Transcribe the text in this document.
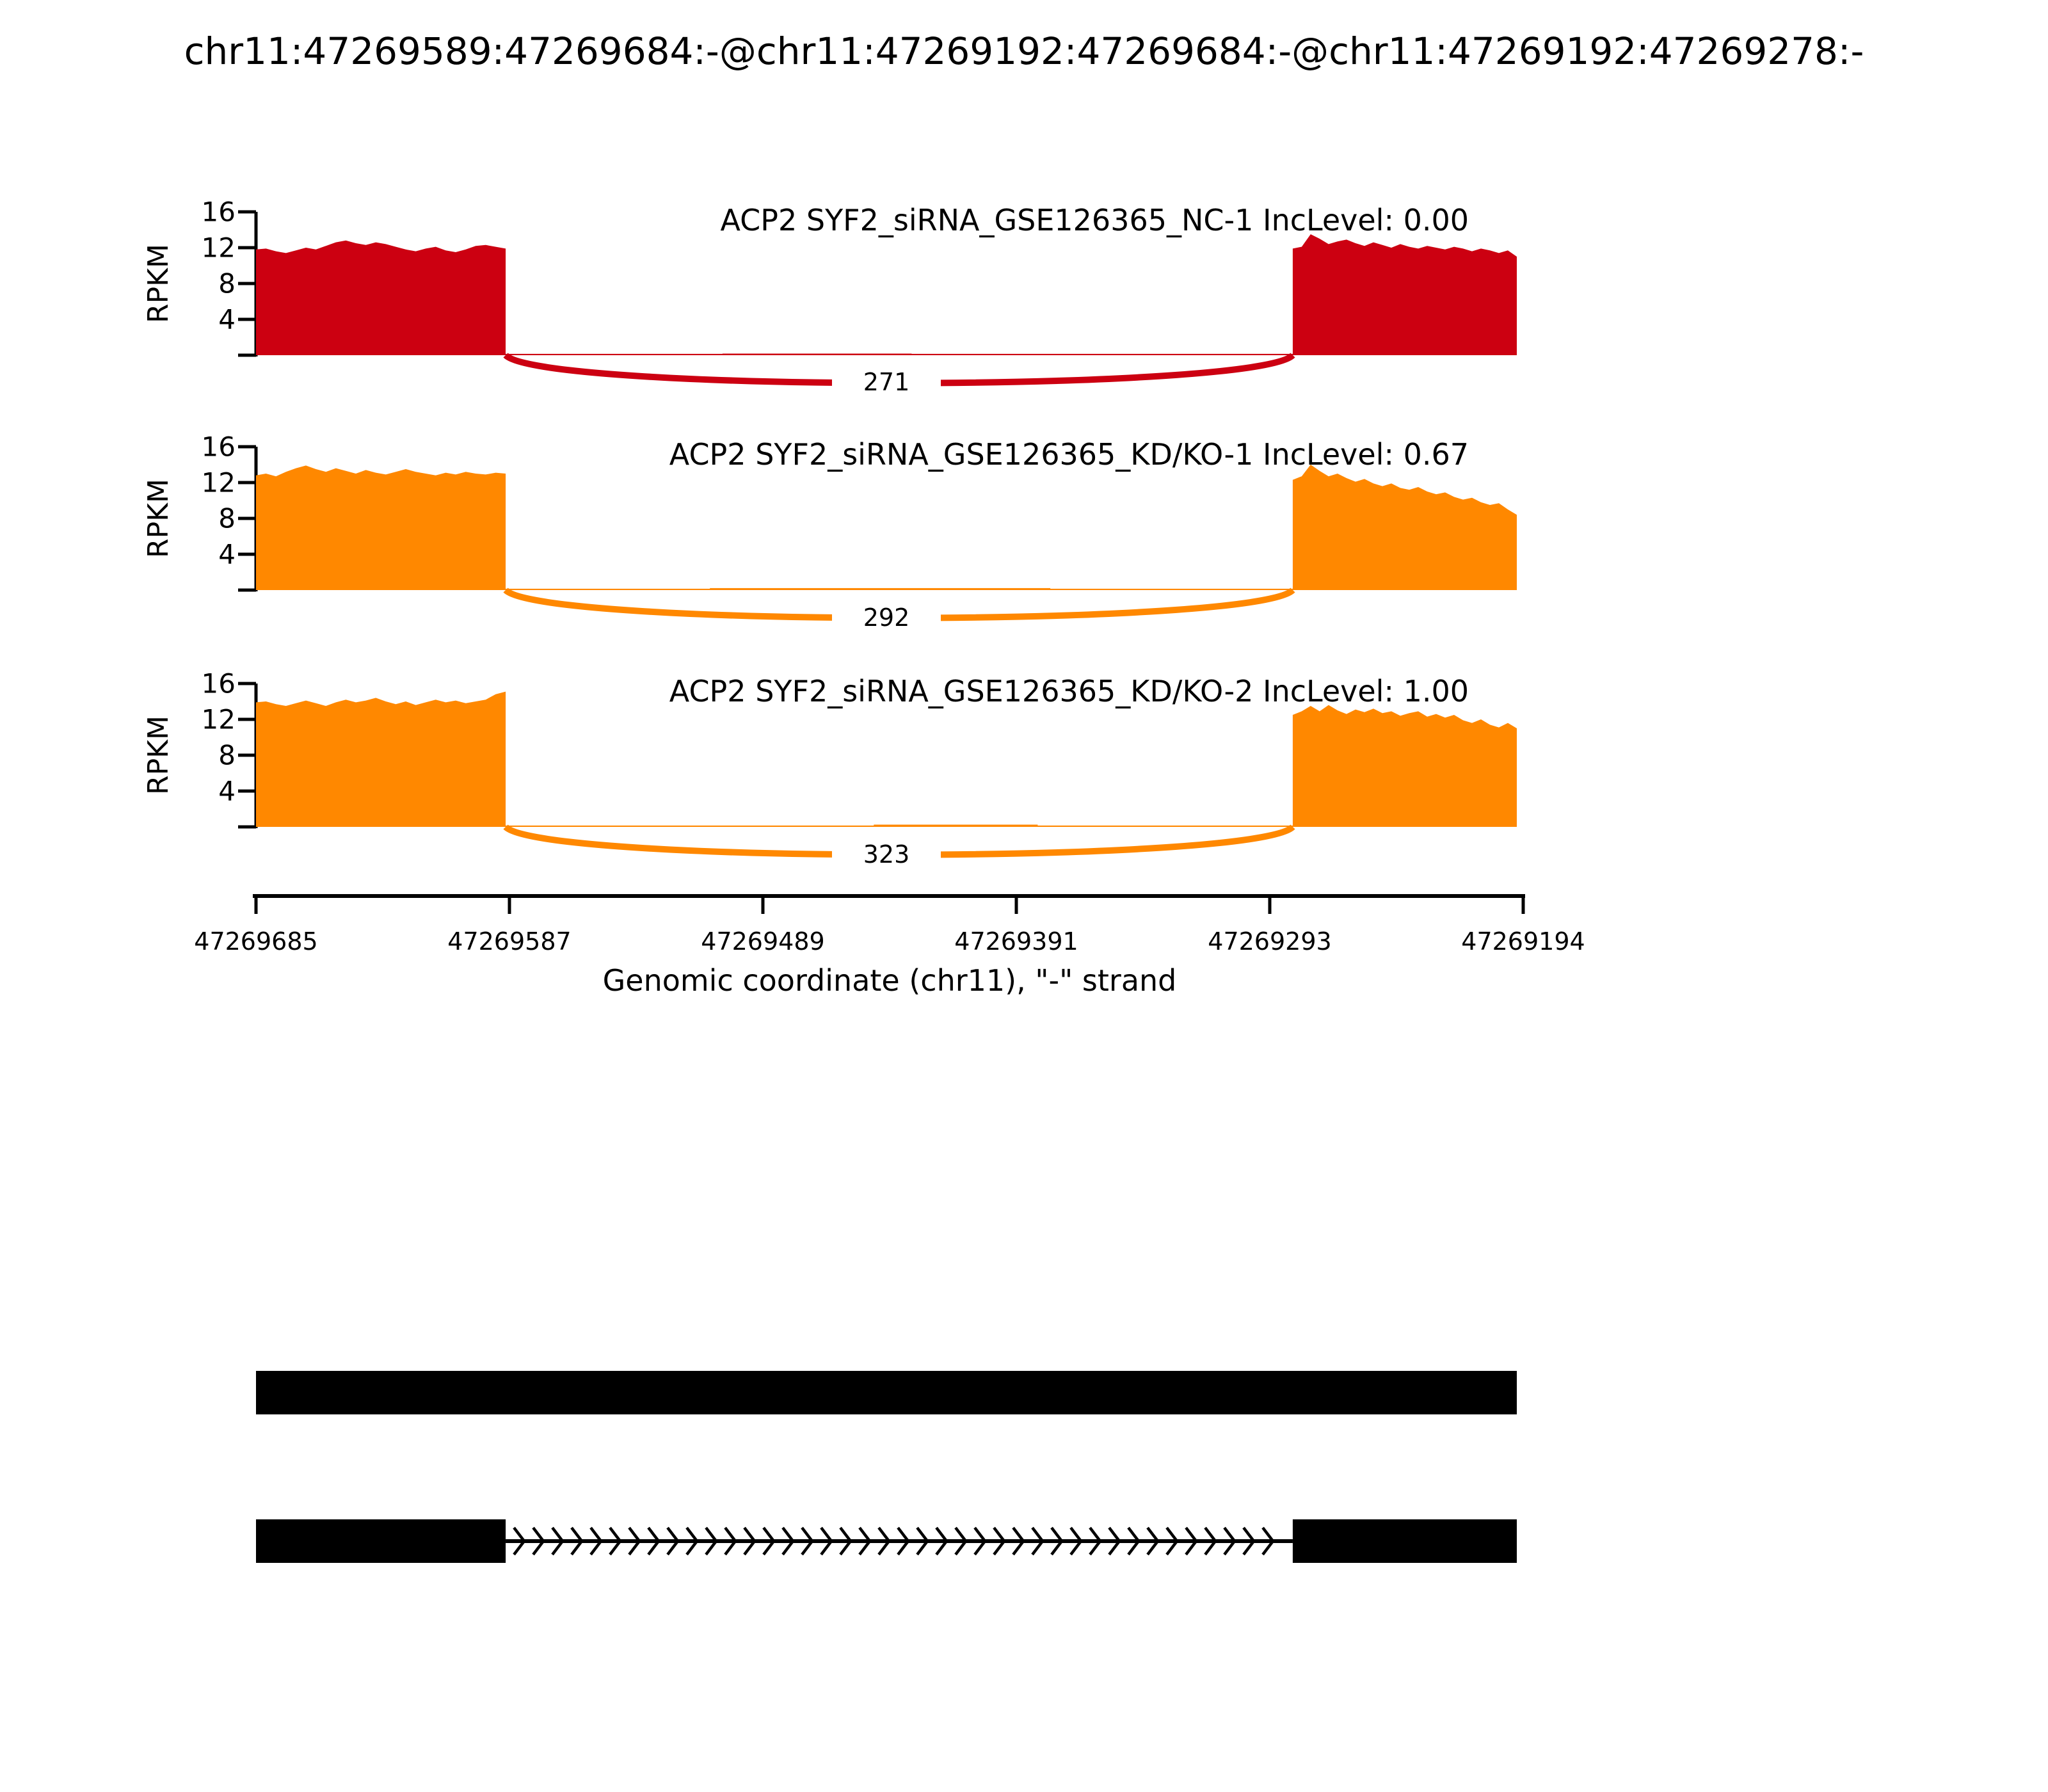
chr11:47269589:47269684:-@chr11:47269192:47269684:-@chr11:47269192:47269278:-
ACP2 SYF2_siRNA_GSE126365_NC-1 IncLevel: 0.00
RPKM
16
12
8
4
271
ACP2 SYF2_siRNA_GSE126365_KD/KO-1 IncLevel: 0.67
RPKM
16
12
8
4
292
ACP2 SYF2_siRNA_GSE126365_KD/KO-2 IncLevel: 1.00
RPKM
16
12
8
4
323
47269685	47269587	47269489	47269391	47269293	47269194
Genomic coordinate (chr11), "-" strand
